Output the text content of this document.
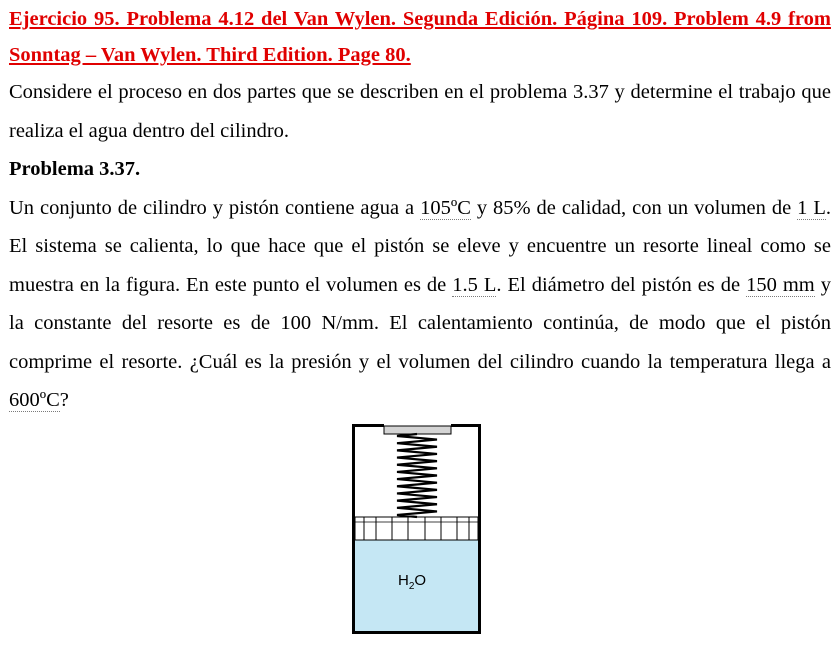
Ejercicio 95. Problema 4.12 del Van Wylen. Segunda Edición. Página 109. Problem 4.9 from Sonntag – Van Wylen. Third Edition. Page 80.

Considere el proceso en dos partes que se describen en el problema 3.37 y determine el trabajo que realiza el agua dentro del cilindro.

Problema 3.37.

Un conjunto de cilindro y pistón contiene agua a 105ºC y 85% de calidad, con un volumen de 1 L. El sistema se calienta, lo que hace que el pistón se eleve y encuentre un resorte lineal como se muestra en la figura. En este punto el volumen es de 1.5 L. El diámetro del pistón es de 150 mm y la constante del resorte es de 100 N/mm. El calentamiento continúa, de modo que el pistón comprime el resorte. ¿Cuál es la presión y el volumen del cilindro cuando la temperatura llega a 600ºC?

$H_2O$
